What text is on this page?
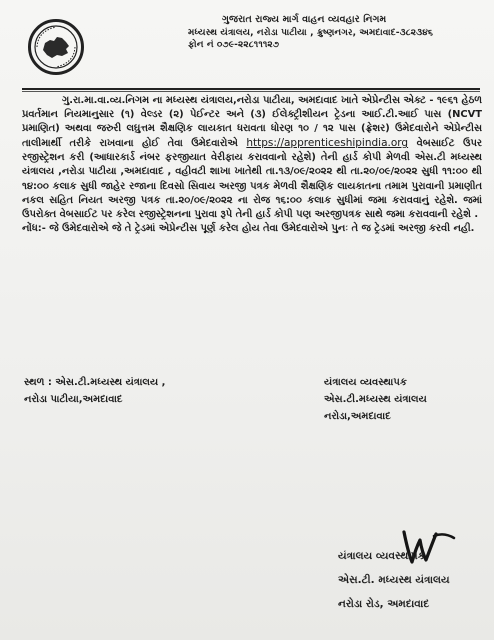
ગુજરાત રાજ્ય માર્ગ વાહન વ્યવહાર નિગમ
મધ્યસ્થ યંત્રાલય, નરોડા પાટીયા , ક્રુષ્ણનગર, અમદાવાદ-૩૮૨૩૪૬
ફોન નં ૦૭૯-૨૨૮૧૧૧૨૭

ગુ.રા.મા.વા.વ્ય.નિગમ ના મધ્યસ્થ યંત્રાલય,નરોડા પાટીયા, અમદાવાદ ખાતે એપ્રેન્ટીસ એક્ટ - ૧૯૬૧ હેઠળ પ્રવર્તમાન નિયમાનુસાર (૧) વેલ્ડર (૨) પેઈન્ટર અને (૩) ઈલેક્ટ્રીશીયન ટ્રેડના આઈ.ટી.આઈ પાસ (NCVT પ્રમાણિત) અથવા જરુરી લઘુત્તમ શૈક્ષણિક લાયકાત ધરાવતા ધોરણ ૧૦ / ૧૨ પાસ (ફ્રેશર) ઉમેદવારોને એપ્રેન્ટીસ તાલીમાર્થી તરીકે રાખવાના હોઈ તેવા ઉમેદવારોએ https://apprenticeshipindia.org વેબસાઈટ ઉપર રજીસ્ટ્રેશન કરી (આધારકાર્ડ નંબર ફરજીયાત વેરીફાય કરાવવાનો રહેશે) તેની હાર્ડ કોપી મેળવી એસ.ટી મધ્યસ્થ યંત્રાલય ,નરોડા પાટીયા ,અમદાવાદ , વહીવટી શાખા ખાતેથી તા.૧૩/૦૯/૨૦૨૨ થી તા.૨૦/૦૯/૨૦૨૨ સુધી ૧૧:૦૦ થી ૧૪:૦૦ કલાક સુધી જાહેર રજાના દિવસો સિવાય અરજી પત્રક મેળવી શૈક્ષણિક લાયકાતના તમામ પુરાવાની પ્રમાણીત નકલ સહિત નિયત અરજી પત્રક તા.૨૦/૦૯/૨૦૨૨ ના રોજ ૧૬:૦૦ કલાક સુધીમાં જમા કરાવવાનું રહેશે. જમાં ઉપરોક્ત વેબસાઈટ પર કરેલ રજીસ્ટ્રેશનના પુરાવા રૂપે તેની હાર્ડ કોપી પણ અરજીપત્રક સાથે જમા કરાવવાની રહેશે .

નોંધ:- જે ઉમેદવારોએ જે તે ટ્રેડમાં એપ્રેન્ટીસ પૂર્ણ કરેલ હોય તેવા ઉમેદવારોએ પુનઃ તે જ ટ્રેડમાં અરજી કરવી નહી.

સ્થળ : એસ.ટી.મધ્યસ્થ યંત્રાલય ,
નરોડા પાટીયા,અમદાવાદ
યંત્રાલય વ્યવસ્થાપક
એસ.ટી.મધ્યસ્થ યંત્રાલય
નરોડા,અમદાવાદ
યંત્રાલય વ્યવસ્થાપક
એસ.ટી. મધ્યસ્થ યંત્રાલય
નરોડા રોડ, અમદાવાદ
